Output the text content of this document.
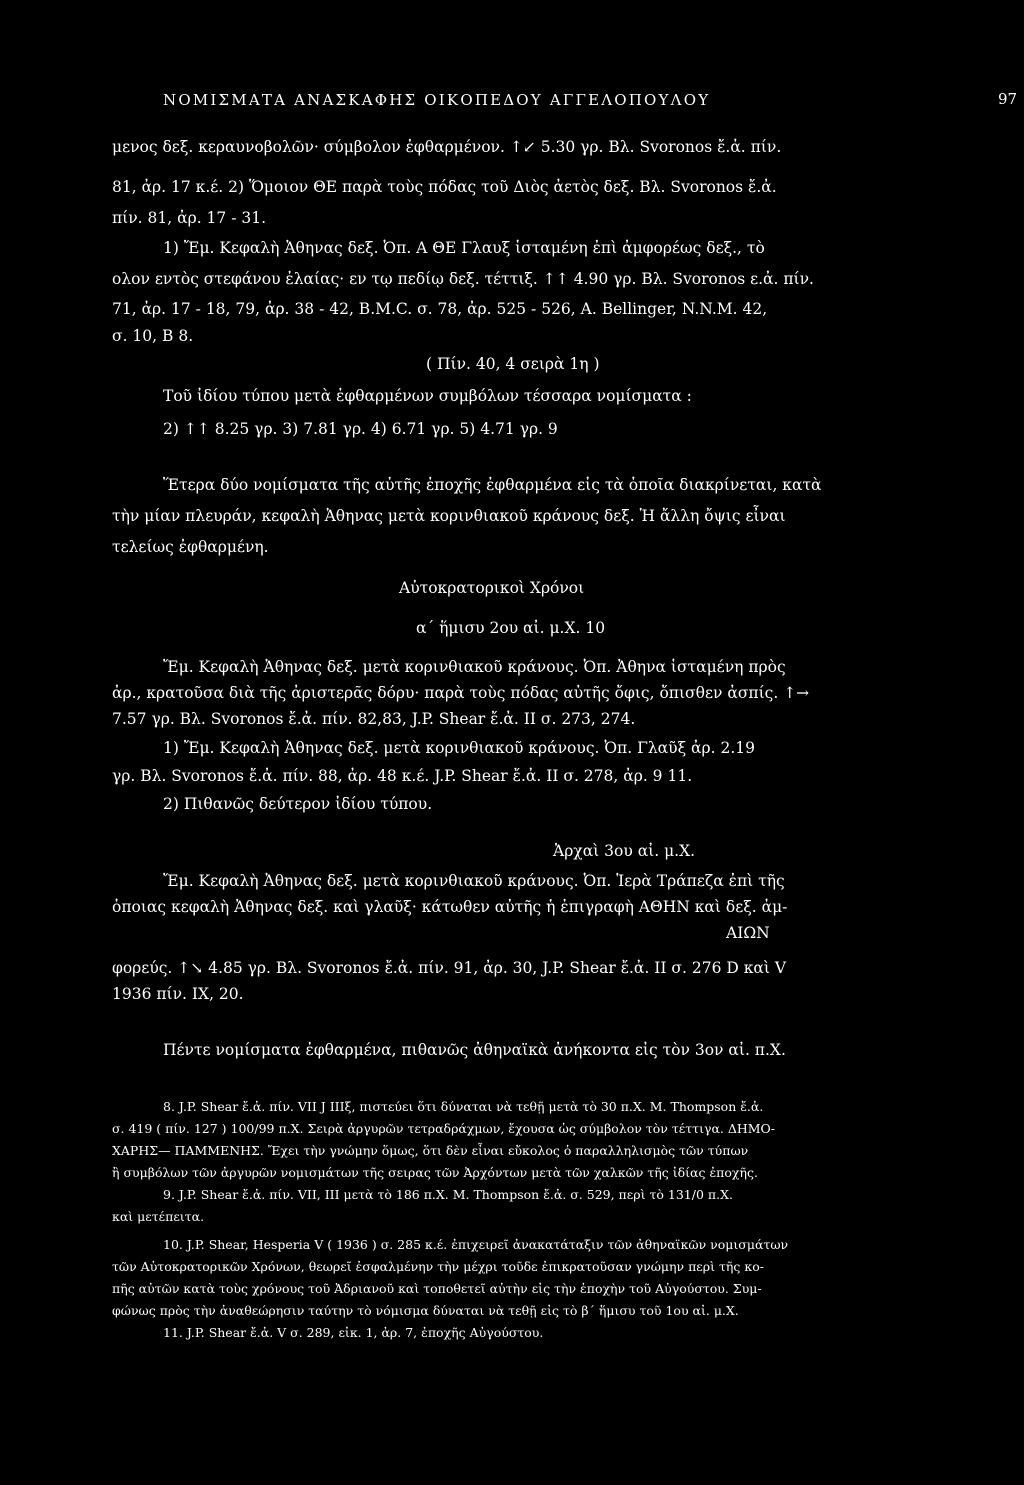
ΝΟΜΙΣΜΑΤΑ ΑΝΑΣΚΑΦΗΣ ΟΙΚΟΠΕΔΟΥ ΑΓΓΕΛΟΠΟΥΛΟΥ	97
μενος δεξ. κεραυνοβολῶν· σύμβολον ἐφθαρμένον. ↑↙ 5.30 γρ. Βλ. Svoronos ἔ.ἀ. πίν.
81, ἀρ. 17 κ.έ. 2) Ὅμοιον ΘΕ παρὰ τοὺς πόδας τοῦ Διὸς ἀετὸς δεξ. Βλ. Svoronos ἔ.ἀ.
πίν. 81, ἀρ. 17 - 31.
1) Ἔμ. Κεφαλὴ Ἀθηνας δεξ. Ὀπ. Α ΘΕ Γλαυξ ἱσταμένη ἐπὶ ἀμφορέως δεξ., τὸ
ολον εντὸς στεφάνου ἐλαίας· εν τῳ πεδίῳ δεξ. τέττιξ. ↑↑ 4.90 γρ. Βλ. Svoronos ε.ἀ. πίν.
71, ἀρ. 17 - 18, 79, ἀρ. 38 - 42, B.M.C. σ. 78, ἀρ. 525 - 526, A. Bellinger, N.N.M. 42,
σ. 10, B 8.
( Πίν. 40, 4 σειρὰ 1η )
Τοῦ ἰδίου τύπου μετὰ ἐφθαρμένων συμβόλων τέσσαρα νομίσματα :
2) ↑↑ 8.25 γρ. 3) 7.81 γρ. 4) 6.71 γρ. 5) 4.71 γρ. 9
Ἕτερα δύο νομίσματα τῆς αὐτῆς ἐποχῆς ἐφθαρμένα εἰς τὰ ὁποῖα διακρίνεται, κατὰ
τὴν μίαν πλευράν, κεφαλὴ Ἀθηνας μετὰ κορινθιακοῦ κράνους δεξ. Ἡ ἄλλη ὄψις εἶναι
τελείως ἐφθαρμένη.
Αὐτοκρατορικοὶ Χρόνοι
α´ ἥμισυ 2ου αἰ. μ.Χ. 10
Ἔμ. Κεφαλὴ Ἀθηνας δεξ. μετὰ κορινθιακοῦ κράνους. Ὀπ. Ἀθηνα ἱσταμένη πρὸς
ἀρ., κρατοῦσα διὰ τῆς ἀριστερᾶς δόρυ· παρὰ τοὺς πόδας αὐτῆς ὄφις, ὄπισθεν ἀσπίς. ↑→
7.57 γρ. Βλ. Svoronos ἔ.ἀ. πίν. 82,83, J.P. Shear ἔ.ἀ. II σ. 273, 274.
1) Ἔμ. Κεφαλὴ Ἀθηνας δεξ. μετὰ κορινθιακοῦ κράνους. Ὀπ. Γλαῦξ ἀρ. 2.19
γρ. Βλ. Svoronos ἔ.ἀ. πίν. 88, ἀρ. 48 κ.έ. J.P. Shear ἔ.ἀ. II σ. 278, ἀρ. 9 11.
2) Πιθανῶς δεύτερον ἰδίου τύπου.
Ἀρχαὶ 3ου αἰ. μ.Χ.
Ἔμ. Κεφαλὴ Ἀθηνας δεξ. μετὰ κορινθιακοῦ κράνους. Ὀπ. Ἱερὰ Τράπεζα ἐπὶ τῆς
ὁποιας κεφαλὴ Ἀθηνας δεξ. καὶ γλαῦξ· κάτωθεν αὐτῆς ἡ ἐπιγραφὴ ΑΘΗΝ καὶ δεξ. ἀμ-
ΑΙΩΝ
φορεύς. ↑↘ 4.85 γρ. Βλ. Svoronos ἔ.ἀ. πίν. 91, ἀρ. 30, J.P. Shear ἔ.ἀ. II σ. 276 D καὶ V
1936 πίν. IX, 20.
Πέντε νομίσματα ἐφθαρμένα, πιθανῶς ἀθηναϊκὰ ἀνήκοντα εἰς τὸν 3ον αἰ. π.Χ.
8. J.P. Shear ἔ.ἀ. πίν. VII J IIIξ, πιστεύει ὅτι δύναται νὰ τεθῇ μετὰ τὸ 30 π.Χ. M. Thompson ἔ.ἀ.
σ. 419 ( πίν. 127 ) 100/99 π.Χ. Σειρὰ ἀργυρῶν τετραδράχμων, ἔχουσα ὡς σύμβολον τὸν τέττιγα. ΔΗΜΟ-
ΧΑΡΗΣ— ΠΑΜΜΕΝΗΣ. Ἔχει τὴν γνώμην ὅμως, ὅτι δὲν εἶναι εὔκολος ὁ παραλληλισμὸς τῶν τύπων
ἢ συμβόλων τῶν ἀργυρῶν νομισμάτων τῆς σειρας τῶν Ἀρχόντων μετὰ τῶν χαλκῶν τῆς ἰδίας ἐποχῆς.
9. J.P. Shear ἔ.ἀ. πίν. VII, III μετὰ τὸ 186 π.Χ. M. Thompson ἔ.ἀ. σ. 529, περὶ τὸ 131/0 π.Χ.
καὶ μετέπειτα.
10. J.P. Shear, Hesperia V ( 1936 ) σ. 285 κ.έ. ἐπιχειρεῖ ἀνακατάταξιν τῶν ἀθηναϊκῶν νομισμάτων
τῶν Αὐτοκρατορικῶν Χρόνων, θεωρεῖ ἐσφαλμένην τὴν μέχρι τοῦδε ἐπικρατοῦσαν γνώμην περὶ τῆς κο-
πῆς αὐτῶν κατὰ τοὺς χρόνους τοῦ Ἀδριανοῦ καὶ τοποθετεῖ αὐτὴν εἰς τὴν ἐποχὴν τοῦ Αὐγούστου. Συμ-
φώνως πρὸς τὴν ἀναθεώρησιν ταύτην τὸ νόμισμα δύναται νὰ τεθῇ εἰς τὸ β´ ἥμισυ τοῦ 1ου αἰ. μ.Χ.
11. J.P. Shear ἔ.ἀ. V σ. 289, εἰκ. 1, ἀρ. 7, ἐποχῆς Αὐγούστου.
